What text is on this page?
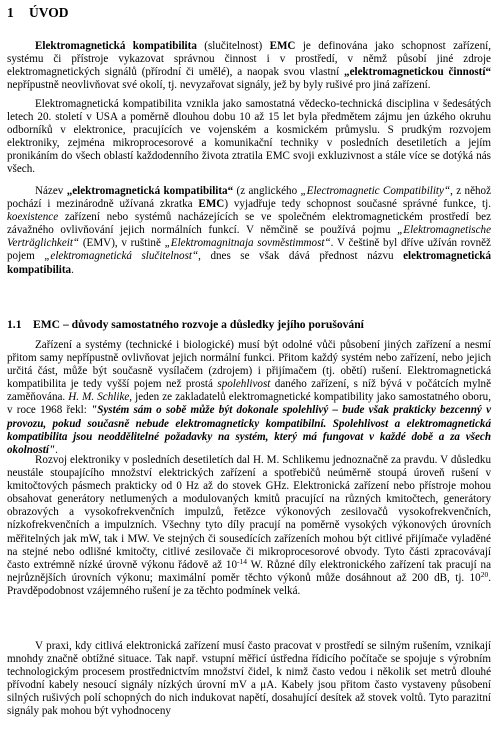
1 ÚVOD

Elektromagnetická kompatibilita (slučitelnost) EMC je definována jako schopnost zařízení, systému či přístroje vykazovat správnou činnost i v prostředí, v němž působí jiné zdroje elektromagnetických signálů (přírodní či umělé), a naopak svou vlastní „elektromagnetickou činností“ nepřípustně neovlivňovat své okolí, tj. nevyzařovat signály, jež by byly rušivé pro jiná zařízení.

Elektromagnetická kompatibilita vznikla jako samostatná vědecko-technická disciplina v šedesátých letech 20. století v USA a poměrně dlouhou dobu 10 až 15 let byla předmětem zájmu jen úzkého okruhu odborníků v elektronice, pracujících ve vojenském a kosmickém průmyslu. S prudkým rozvojem elektroniky, zejména mikroprocesorové a komunikační techniky v posledních desetiletích a jejím pronikáním do všech oblastí každodenního života ztratila EMC svoji exkluzivnost a stále více se dotýká nás všech.

Název „elektromagnetická kompatibilita“ (z anglického „Electromagnetic Compatibility“, z něhož pochází i mezinárodně užívaná zkratka EMC) vyjadřuje tedy schopnost současné správné funkce, tj. koexistence zařízení nebo systémů nacházejících se ve společném elektromagnetickém prostředí bez závažného ovlivňování jejich normálních funkcí. V němčině se používá pojmu „Elektromagnetische Verträglichkeit“ (EMV), v ruštině „Elektromagnitnaja sovměstimmost“. V češtině byl dříve užíván rovněž pojem „elektromagnetická slučitelnost“, dnes se však dává přednost názvu elektromagnetická kompatibilita.

1.1 EMC – důvody samostatného rozvoje a důsledky jejího porušování

Zařízení a systémy (technické i biologické) musí být odolné vůči působení jiných zařízení a nesmí přitom samy nepřípustně ovlivňovat jejich normální funkci. Přitom každý systém nebo zařízení, nebo jejich určitá část, může být současně vysílačem (zdrojem) i přijímačem (tj. obětí) rušení. Elektromagnetická kompatibilita je tedy vyšší pojem než prostá spolehlivost daného zařízení, s níž bývá v počátcích mylně zaměňována. H. M. Schlike, jeden ze zakladatelů elektromagnetické kompatibility jako samostatného oboru, v roce 1968 řekl: "Systém sám o sobě může být dokonale spolehlivý – bude však prakticky bezcenný v provozu, pokud současně nebude elektromagneticky kompatibilní. Spolehlivost a elektromagnetická kompatibilita jsou neoddělitelné požadavky na systém, který má fungovat v každé době a za všech okolností".

Rozvoj elektroniky v posledních desetiletích dal H. M. Schlikemu jednoznačně za pravdu. V důsledku neustále stoupajícího množství elektrických zařízení a spotřebičů neúměrně stoupá úroveň rušení v kmitočtových pásmech prakticky od 0 Hz až do stovek GHz. Elektronická zařízení nebo přístroje mohou obsahovat generátory netlumených a modulovaných kmitů pracující na různých kmitočtech, generátory obrazových a vysokofrekvenčních impulzů, řetězce výkonových zesilovačů vysokofrekvenčních, nízkofrekvenčních a impulzních. Všechny tyto díly pracují na poměrně vysokých výkonových úrovních měřitelných jak mW, tak i MW. Ve stejných či sousedících zařízeních mohou být citlivé přijímače vyladěné na stejné nebo odlišné kmitočty, citlivé zesilovače či mikroprocesorové obvody. Tyto části zpracovávají často extrémně nízké úrovně výkonu řádově až $10^{-14}$ W. Různé díly elektronického zařízení tak pracují na nejrůznějších úrovních výkonu; maximální poměr těchto výkonů může dosáhnout až 200 dB, tj. $10^{20}$. Pravděpodobnost vzájemného rušení je za těchto podmínek velká.

V praxi, kdy citlivá elektronická zařízení musí často pracovat v prostředí se silným rušením, vznikají mnohdy značně obtížné situace. Tak např. vstupní měřicí ústředna řídicího počítače se spojuje s výrobním technologickým procesem prostřednictvím množství čidel, k nimž často vedou i několik set metrů dlouhé přívodní kabely nesoucí signály nízkých úrovní mV a μA. Kabely jsou přitom často vystaveny působení silných rušivých polí schopných do nich indukovat napětí, dosahující desítek až stovek voltů. Tyto parazitní signály pak mohou být vyhodnoceny
